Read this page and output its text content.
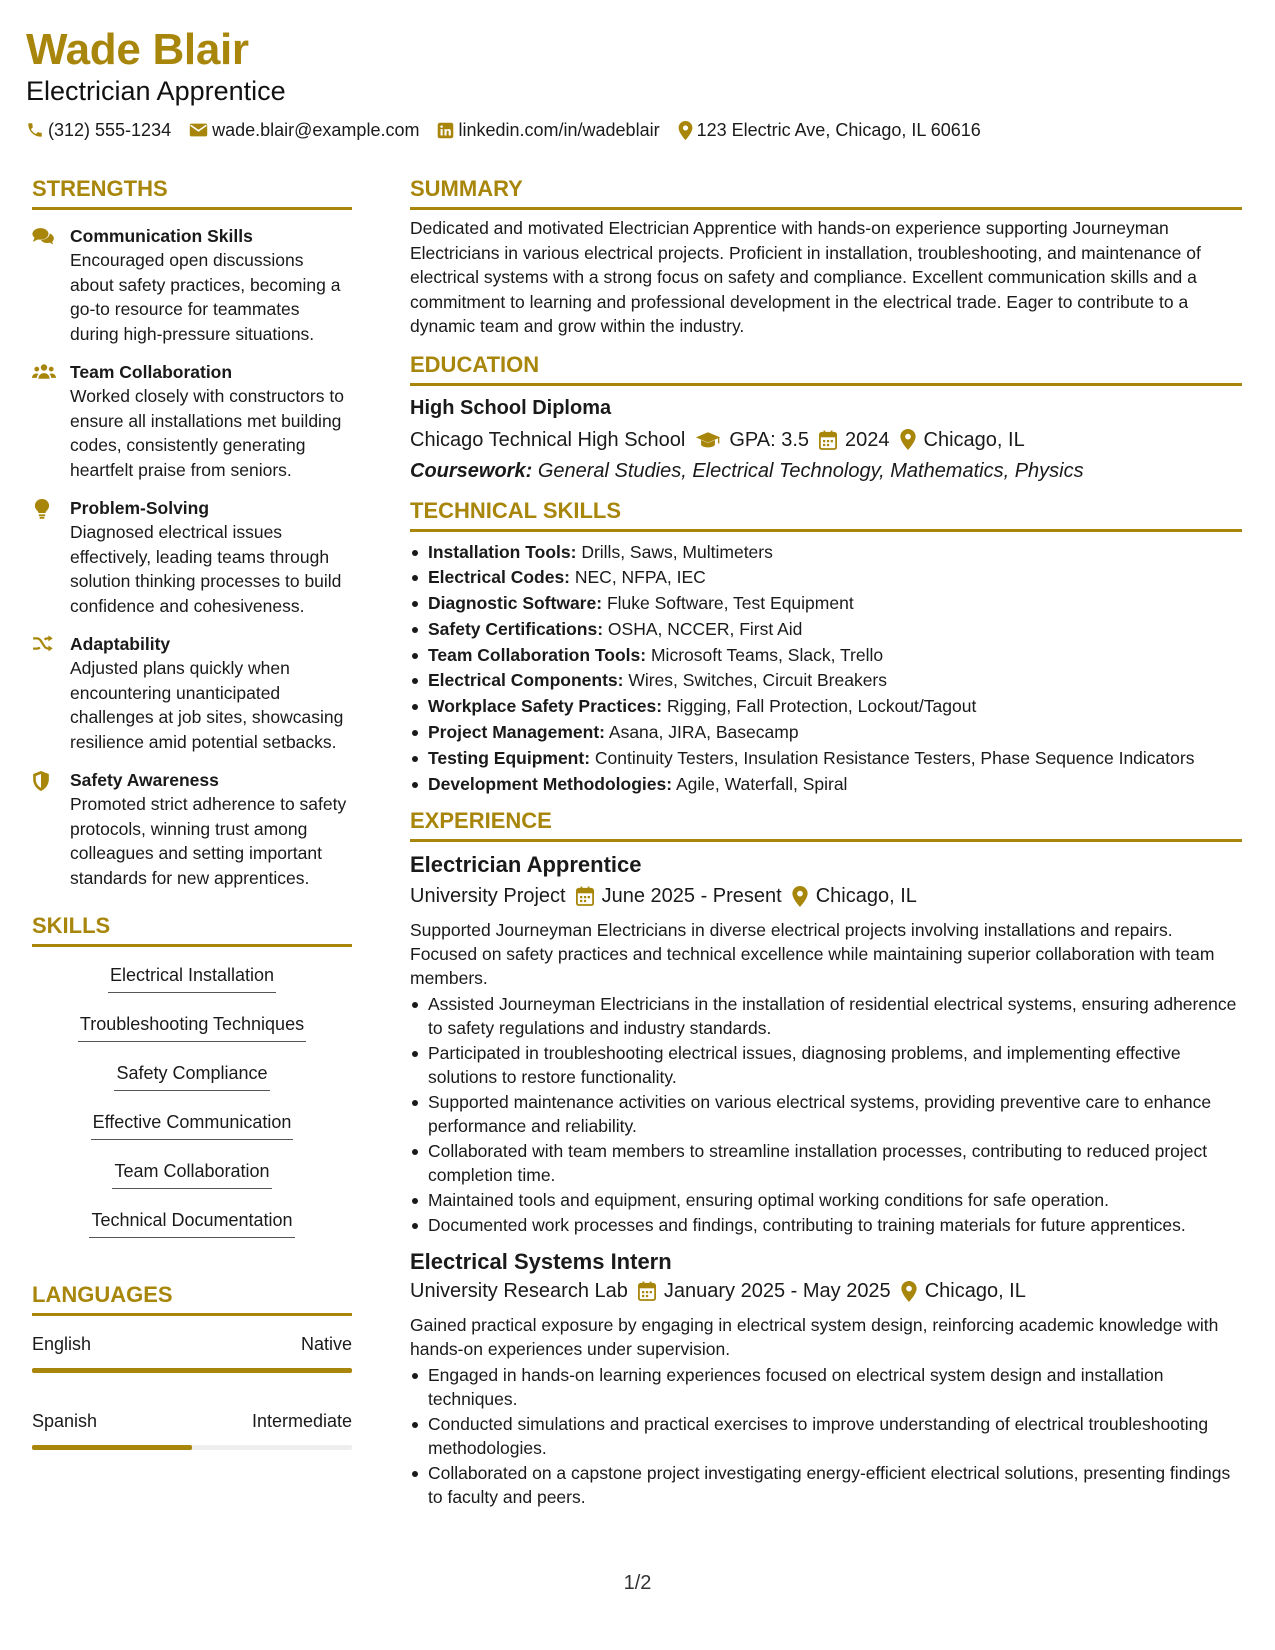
Wade Blair
Electrician Apprentice
(312) 555-1234 wade.blair@example.com linkedin.com/in/wadeblair 123 Electric Ave, Chicago, IL 60616
STRENGTHS
Communication Skills
Encouraged open discussions about safety practices, becoming a go-to resource for teammates during high-pressure situations.
Team Collaboration
Worked closely with constructors to ensure all installations met building codes, consistently generating heartfelt praise from seniors.
Problem-Solving
Diagnosed electrical issues effectively, leading teams through solution thinking processes to build confidence and cohesiveness.
Adaptability
Adjusted plans quickly when encountering unanticipated challenges at job sites, showcasing resilience amid potential setbacks.
Safety Awareness
Promoted strict adherence to safety protocols, winning trust among colleagues and setting important standards for new apprentices.
SKILLS
Electrical Installation
Troubleshooting Techniques
Safety Compliance
Effective Communication
Team Collaboration
Technical Documentation
LANGUAGES
English	Native
Spanish	Intermediate
SUMMARY
Dedicated and motivated Electrician Apprentice with hands-on experience supporting Journeyman Electricians in various electrical projects. Proficient in installation, troubleshooting, and maintenance of electrical systems with a strong focus on safety and compliance. Excellent communication skills and a commitment to learning and professional development in the electrical trade. Eager to contribute to a dynamic team and grow within the industry.
EDUCATION
High School Diploma
Chicago Technical High School GPA: 3.5 2024 Chicago, IL
Coursework: General Studies, Electrical Technology, Mathematics, Physics
TECHNICAL SKILLS
Installation Tools: Drills, Saws, Multimeters
Electrical Codes: NEC, NFPA, IEC
Diagnostic Software: Fluke Software, Test Equipment
Safety Certifications: OSHA, NCCER, First Aid
Team Collaboration Tools: Microsoft Teams, Slack, Trello
Electrical Components: Wires, Switches, Circuit Breakers
Workplace Safety Practices: Rigging, Fall Protection, Lockout/Tagout
Project Management: Asana, JIRA, Basecamp
Testing Equipment: Continuity Testers, Insulation Resistance Testers, Phase Sequence Indicators
Development Methodologies: Agile, Waterfall, Spiral
EXPERIENCE
Electrician Apprentice
University Project June 2025 - Present Chicago, IL
Supported Journeyman Electricians in diverse electrical projects involving installations and repairs. Focused on safety practices and technical excellence while maintaining superior collaboration with team members.
Assisted Journeyman Electricians in the installation of residential electrical systems, ensuring adherence to safety regulations and industry standards.
Participated in troubleshooting electrical issues, diagnosing problems, and implementing effective solutions to restore functionality.
Supported maintenance activities on various electrical systems, providing preventive care to enhance performance and reliability.
Collaborated with team members to streamline installation processes, contributing to reduced project completion time.
Maintained tools and equipment, ensuring optimal working conditions for safe operation.
Documented work processes and findings, contributing to training materials for future apprentices.
Electrical Systems Intern
University Research Lab January 2025 - May 2025 Chicago, IL
Gained practical exposure by engaging in electrical system design, reinforcing academic knowledge with hands-on experiences under supervision.
Engaged in hands-on learning experiences focused on electrical system design and installation techniques.
Conducted simulations and practical exercises to improve understanding of electrical troubleshooting methodologies.
Collaborated on a capstone project investigating energy-efficient electrical solutions, presenting findings to faculty and peers.
1/2
